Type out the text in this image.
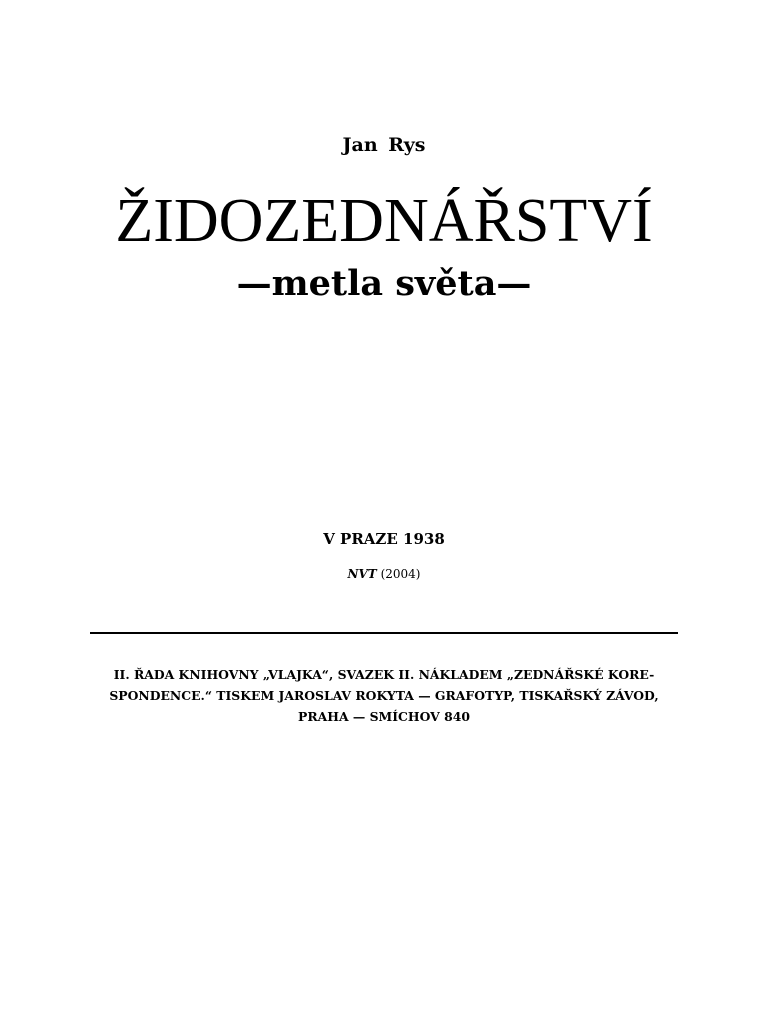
Jan Rys
ŽIDOZEDNÁŘSTVÍ
—metla světa—
V PRAZE 1938
NVT (2004)
II. ŘADA KNIHOVNY „VLAJKA“, SVAZEK II. NÁKLADEM „ZEDNÁŘSKÉ KORE-
SPONDENCE.“ TISKEM JAROSLAV ROKYTA — GRAFOTYP, TISKAŘSKÝ ZÁVOD,
PRAHA — SMÍCHOV 840
